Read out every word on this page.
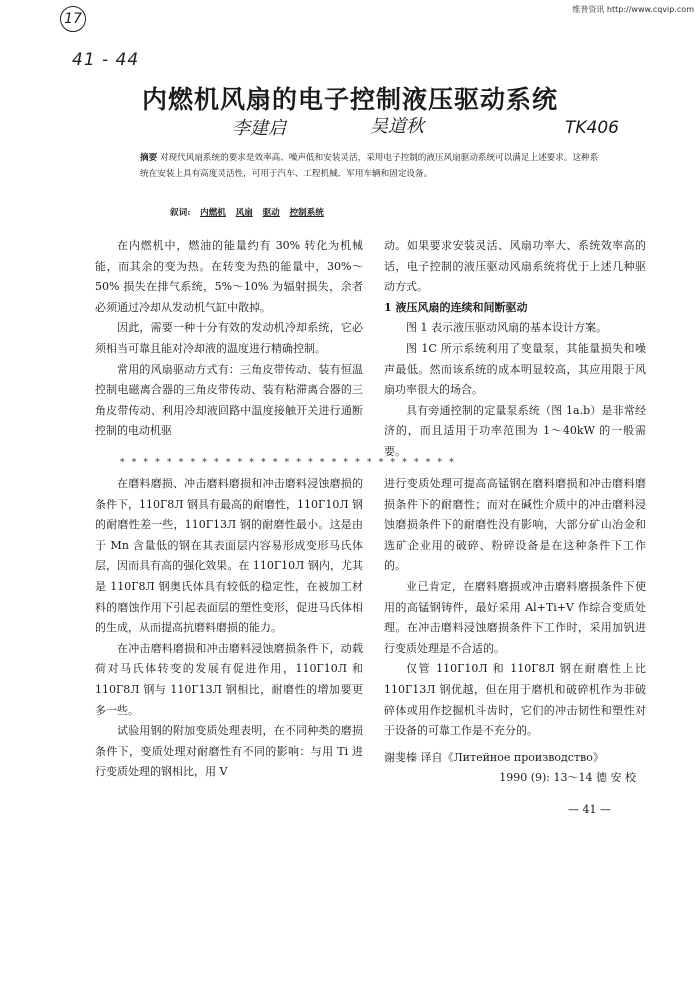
维普资讯 http://www.cqvip.com
17
41 - 44
内燃机风扇的电子控制液压驱动系统
李建启	吴道秋	TK406
摘要 对现代风扇系统的要求是效率高、噪声低和安装灵活，采用电子控制的液压风扇驱动系统可以满足上述要求。这种系统在安装上具有高度灵活性，可用于汽车、工程机械、军用车辆和固定设备。
叙词: 内燃机 风扇 驱动 控制系统

在内燃机中，燃油的能量约有 30% 转化为机械能，而其余的变为热。在转变为热的能量中，30%～50% 损失在排气系统，5%～10% 为辐射损失，余者必须通过冷却从发动机气缸中散掉。

因此，需要一种十分有效的发动机冷却系统，它必须相当可靠且能对冷却液的温度进行精确控制。

常用的风扇驱动方式有：三角皮带传动、装有恒温控制电磁离合器的三角皮带传动、装有粘滞离合器的三角皮带传动、利用冷却液回路中温度接触开关进行通断控制的电动机驱

动。如果要求安装灵活、风扇功率大、系统效率高的话，电子控制的液压驱动风扇系统将优于上述几种驱动方式。

1 液压风扇的连续和间断驱动

图 1 表示液压驱动风扇的基本设计方案。

图 1C 所示系统利用了变量泵，其能量损失和噪声最低。然而该系统的成本明显较高，其应用限于风扇功率很大的场合。

具有旁通控制的定量泵系统（图 1a.b）是非常经济的，而且适用于功率范围为 1～40kW 的一般需要。

* * * * * * * * * * * * * * * * * * * * * * * * * * * * *

在磨料磨损、冲击磨料磨损和冲击磨料浸蚀磨损的条件下，110Г8Л 钢具有最高的耐磨性，110Г10Л 钢的耐磨性差一些，110Г13Л 钢的耐磨性最小。这是由于 Mn 含量低的钢在其表面层内容易形成变形马氏体层，因而具有高的强化效果。在 110Г10Л 钢内，尤其是 110Г8Л 钢奥氏体具有较低的稳定性，在被加工材料的磨蚀作用下引起表面层的塑性变形，促进马氏体相的生成，从而提高抗磨料磨损的能力。

在冲击磨料磨损和冲击磨料浸蚀磨损条件下，动载荷对马氏体转变的发展有促进作用，110Г10Л 和 110Г8Л 钢与 110Г13Л 钢相比，耐磨性的增加要更多一些。

试验用钢的附加变质处理表明，在不同种类的磨损条件下，变质处理对耐磨性有不同的影响：与用 Ti 进行变质处理的钢相比，用 V

进行变质处理可提高高锰钢在磨料磨损和冲击磨料磨损条件下的耐磨性；而对在碱性介质中的冲击磨料浸蚀磨损条件下的耐磨性没有影响，大部分矿山冶金和选矿企业用的破碎、粉碎设备是在这种条件下工作的。

业已肯定，在磨料磨损或冲击磨料磨损条件下使用的高锰钢铸件，最好采用 Al+Ti+V 作综合变质处理。在冲击磨料浸蚀磨损条件下工作时，采用加钒进行变质处理是不合适的。

仅管 110Г10Л 和 110Г8Л 钢在耐磨性上比 110Г13Л 钢优越，但在用于磨机和破碎机作为非破碎体或用作挖掘机斗齿时，它们的冲击韧性和塑性对于设备的可靠工作是不充分的。

谢斐榛 译自《Литейное производство》
1990 (9): 13～14 德 安 校
— 41 —
